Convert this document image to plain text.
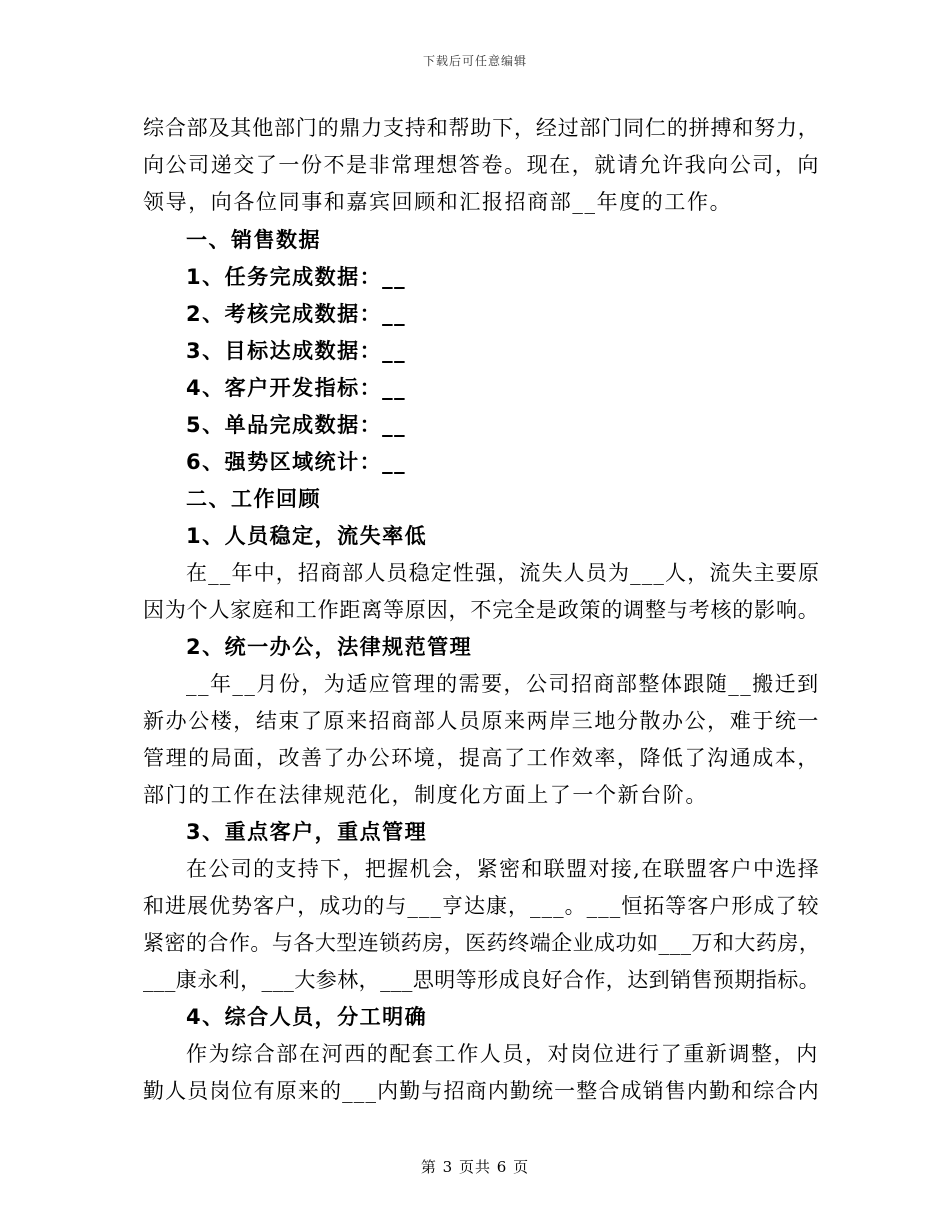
下载后可任意编辑
综合部及其他部门的鼎力支持和帮助下，经过部门同仁的拼搏和努力，
向公司递交了一份不是非常理想答卷。现在，就请允许我向公司，向
领导，向各位同事和嘉宾回顾和汇报招商部__年度的工作。
一、销售数据
1、任务完成数据：__
2、考核完成数据：__
3、目标达成数据：__
4、客户开发指标：__
5、单品完成数据：__
6、强势区域统计：__
二、工作回顾
1、人员稳定，流失率低
在__年中，招商部人员稳定性强，流失人员为___人，流失主要原
因为个人家庭和工作距离等原因，不完全是政策的调整与考核的影响。
2、统一办公，法律规范管理
__年__月份，为适应管理的需要，公司招商部整体跟随__搬迁到
新办公楼，结束了原来招商部人员原来两岸三地分散办公，难于统一
管理的局面，改善了办公环境，提高了工作效率，降低了沟通成本，
部门的工作在法律规范化，制度化方面上了一个新台阶。
3、重点客户，重点管理
在公司的支持下，把握机会，紧密和联盟对接,在联盟客户中选择
和进展优势客户，成功的与___亨达康，___。___恒拓等客户形成了较
紧密的合作。与各大型连锁药房，医药终端企业成功如___万和大药房，
___康永利，___大参林，___思明等形成良好合作，达到销售预期指标。
4、综合人员，分工明确
作为综合部在河西的配套工作人员，对岗位进行了重新调整，内
勤人员岗位有原来的___内勤与招商内勤统一整合成销售内勤和综合内
第 3 页共 6 页
